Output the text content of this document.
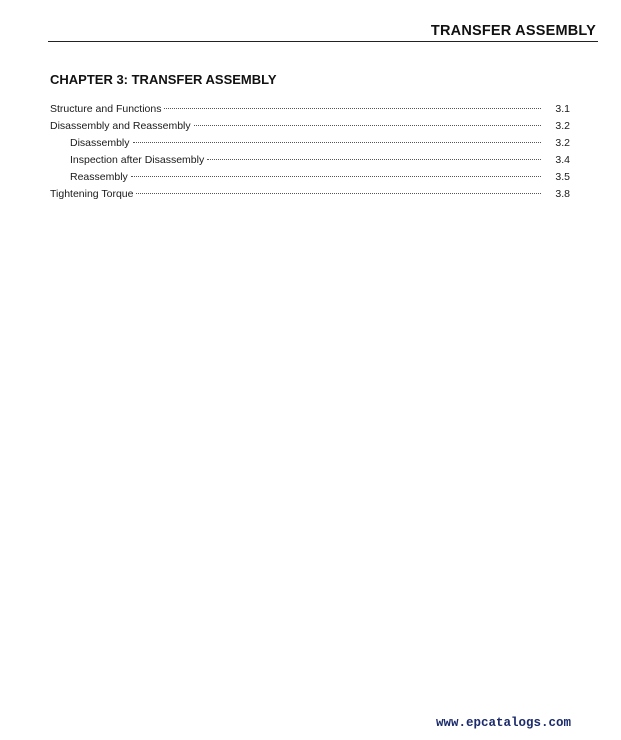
TRANSFER ASSEMBLY
CHAPTER 3: TRANSFER ASSEMBLY
Structure and Functions	3.1
Disassembly and Reassembly	3.2
Disassembly	3.2
Inspection after Disassembly	3.4
Reassembly	3.5
Tightening Torque	3.8
www.epcatalogs.com
